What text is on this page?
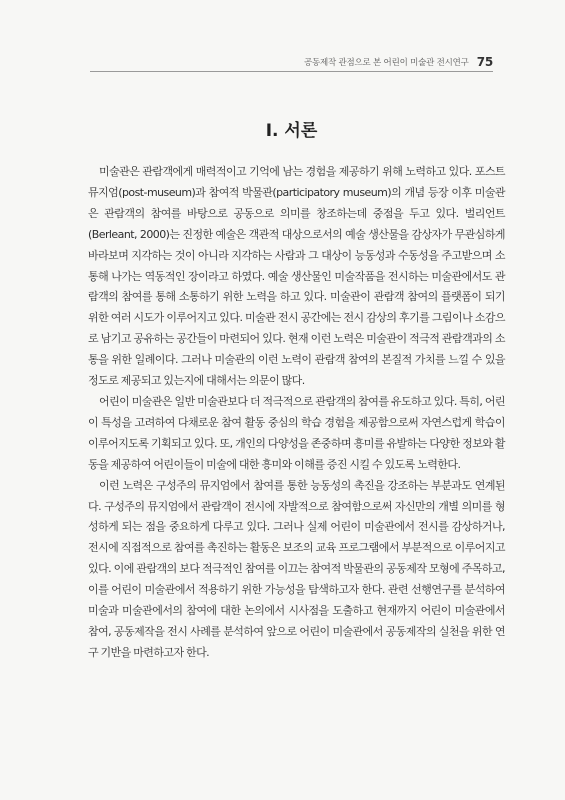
공동제작 관점으로 본 어린이 미술관 전시연구 75
Ⅰ. 서론

미술관은 관람객에게 매력적이고 기억에 남는 경험을 제공하기 위해 노력하고 있다. 포스트뮤지엄(post-museum)과 참여적 박물관(participatory museum)의 개념 등장 이후 미술관은 관람객의 참여를 바탕으로 공동으로 의미를 창조하는데 중점을 두고 있다. 벌리언트(Berleant, 2000)는 진정한 예술은 객관적 대상으로서의 예술 생산물을 감상자가 무관심하게 바라보며 지각하는 것이 아니라 지각하는 사람과 그 대상이 능동성과 수동성을 주고받으며 소통해 나가는 역동적인 장이라고 하였다. 예술 생산물인 미술작품을 전시하는 미술관에서도 관람객의 참여를 통해 소통하기 위한 노력을 하고 있다. 미술관이 관람객 참여의 플랫폼이 되기 위한 여러 시도가 이루어지고 있다. 미술관 전시 공간에는 전시 감상의 후기를 그림이나 소감으로 남기고 공유하는 공간들이 마련되어 있다. 현재 이런 노력은 미술관이 적극적 관람객과의 소통을 위한 일례이다. 그러나 미술관의 이런 노력이 관람객 참여의 본질적 가치를 느낄 수 있을 정도로 제공되고 있는지에 대해서는 의문이 많다.

어린이 미술관은 일반 미술관보다 더 적극적으로 관람객의 참여를 유도하고 있다. 특히, 어린이 특성을 고려하여 다채로운 참여 활동 중심의 학습 경험을 제공함으로써 자연스럽게 학습이 이루어지도록 기획되고 있다. 또, 개인의 다양성을 존중하며 흥미를 유발하는 다양한 정보와 활동을 제공하여 어린이들이 미술에 대한 흥미와 이해를 증진 시킬 수 있도록 노력한다.

이런 노력은 구성주의 뮤지엄에서 참여를 통한 능동성의 촉진을 강조하는 부분과도 연계된다. 구성주의 뮤지엄에서 관람객이 전시에 자발적으로 참여함으로써 자신만의 개별 의미를 형성하게 되는 점을 중요하게 다루고 있다. 그러나 실제 어린이 미술관에서 전시를 감상하거나, 전시에 직접적으로 참여를 촉진하는 활동은 보조의 교육 프로그램에서 부분적으로 이루어지고 있다. 이에 관람객의 보다 적극적인 참여를 이끄는 참여적 박물관의 공동제작 모형에 주목하고, 이를 어린이 미술관에서 적용하기 위한 가능성을 탐색하고자 한다. 관련 선행연구를 분석하여 미술과 미술관에서의 참여에 대한 논의에서 시사점을 도출하고 현재까지 어린이 미술관에서 참여, 공동제작을 전시 사례를 분석하여 앞으로 어린이 미술관에서 공동제작의 실천을 위한 연구 기반을 마련하고자 한다.
